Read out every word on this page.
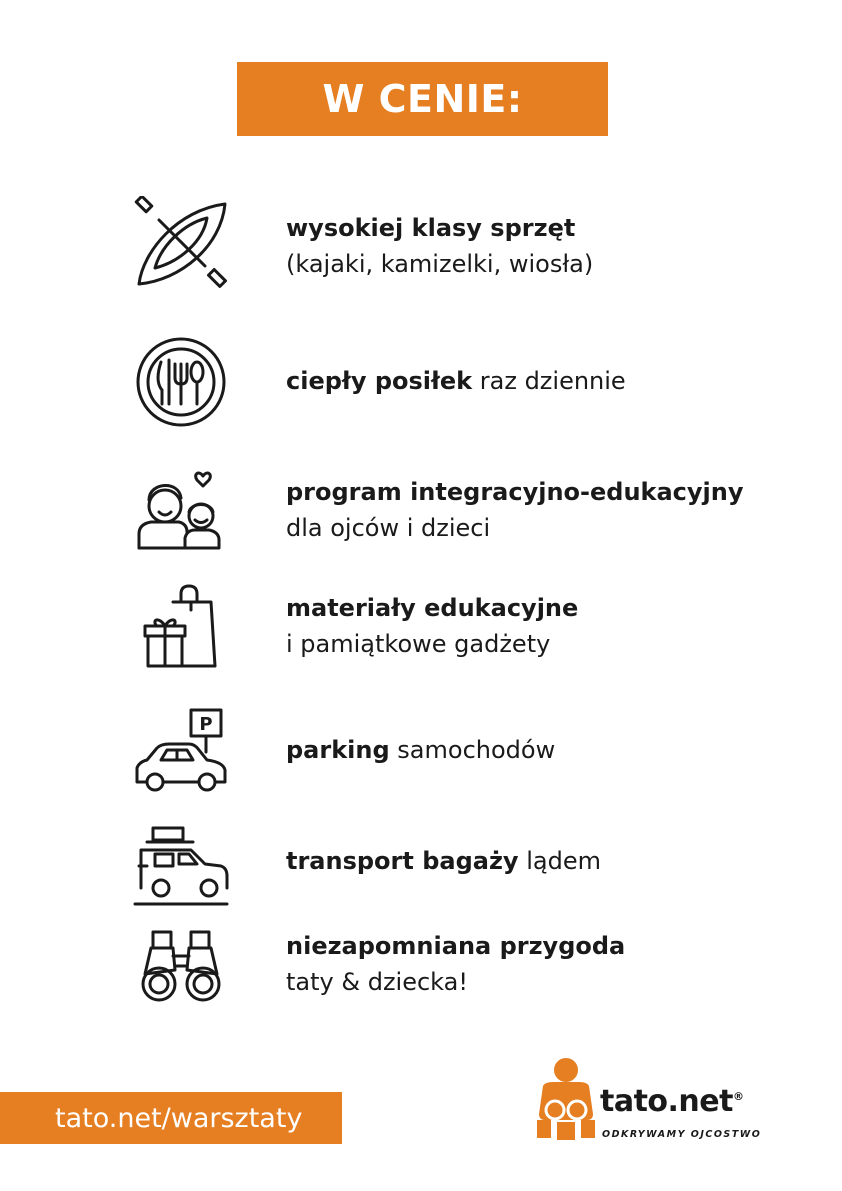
W CENIE:
wysokiej klasy sprzęt
(kajaki, kamizelki, wiosła)
ciepły posiłek raz dziennie
program integracyjno-edukacyjny
dla ojców i dzieci
materiały edukacyjne
i pamiątkowe gadżety
P
parking samochodów
transport bagaży lądem
niezapomniana przygoda
taty & dziecka!
tato.net/warsztaty	tato.net®
ODKRYWAMY OJCOSTWO
